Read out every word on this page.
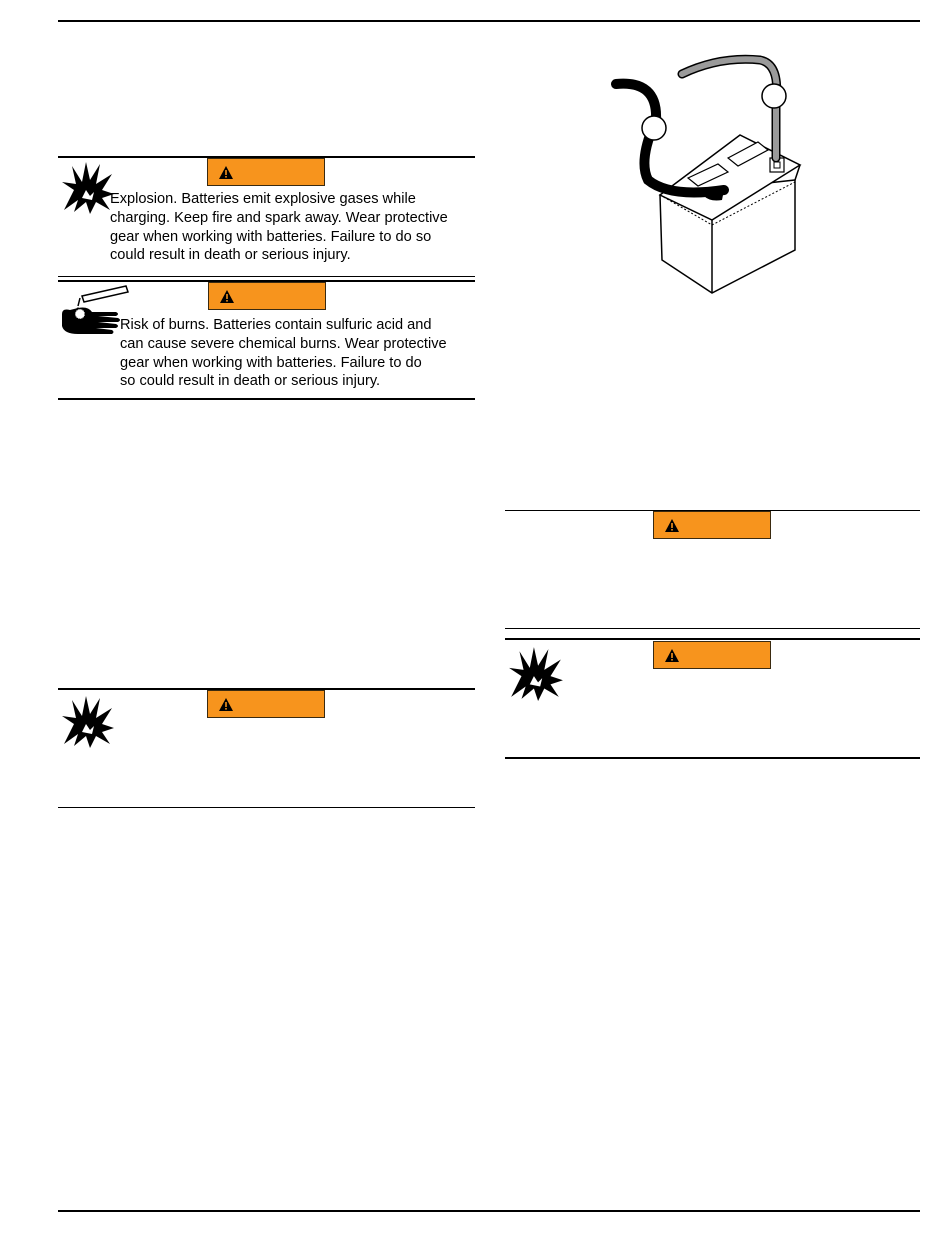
Explosion. Batteries emit explosive gases while
charging. Keep fire and spark away. Wear protective
gear when working with batteries. Failure to do so
could result in death or serious injury.
Risk of burns. Batteries contain sulfuric acid and
can cause severe chemical burns. Wear protective
gear when working with batteries. Failure to do
so could result in death or serious injury.
